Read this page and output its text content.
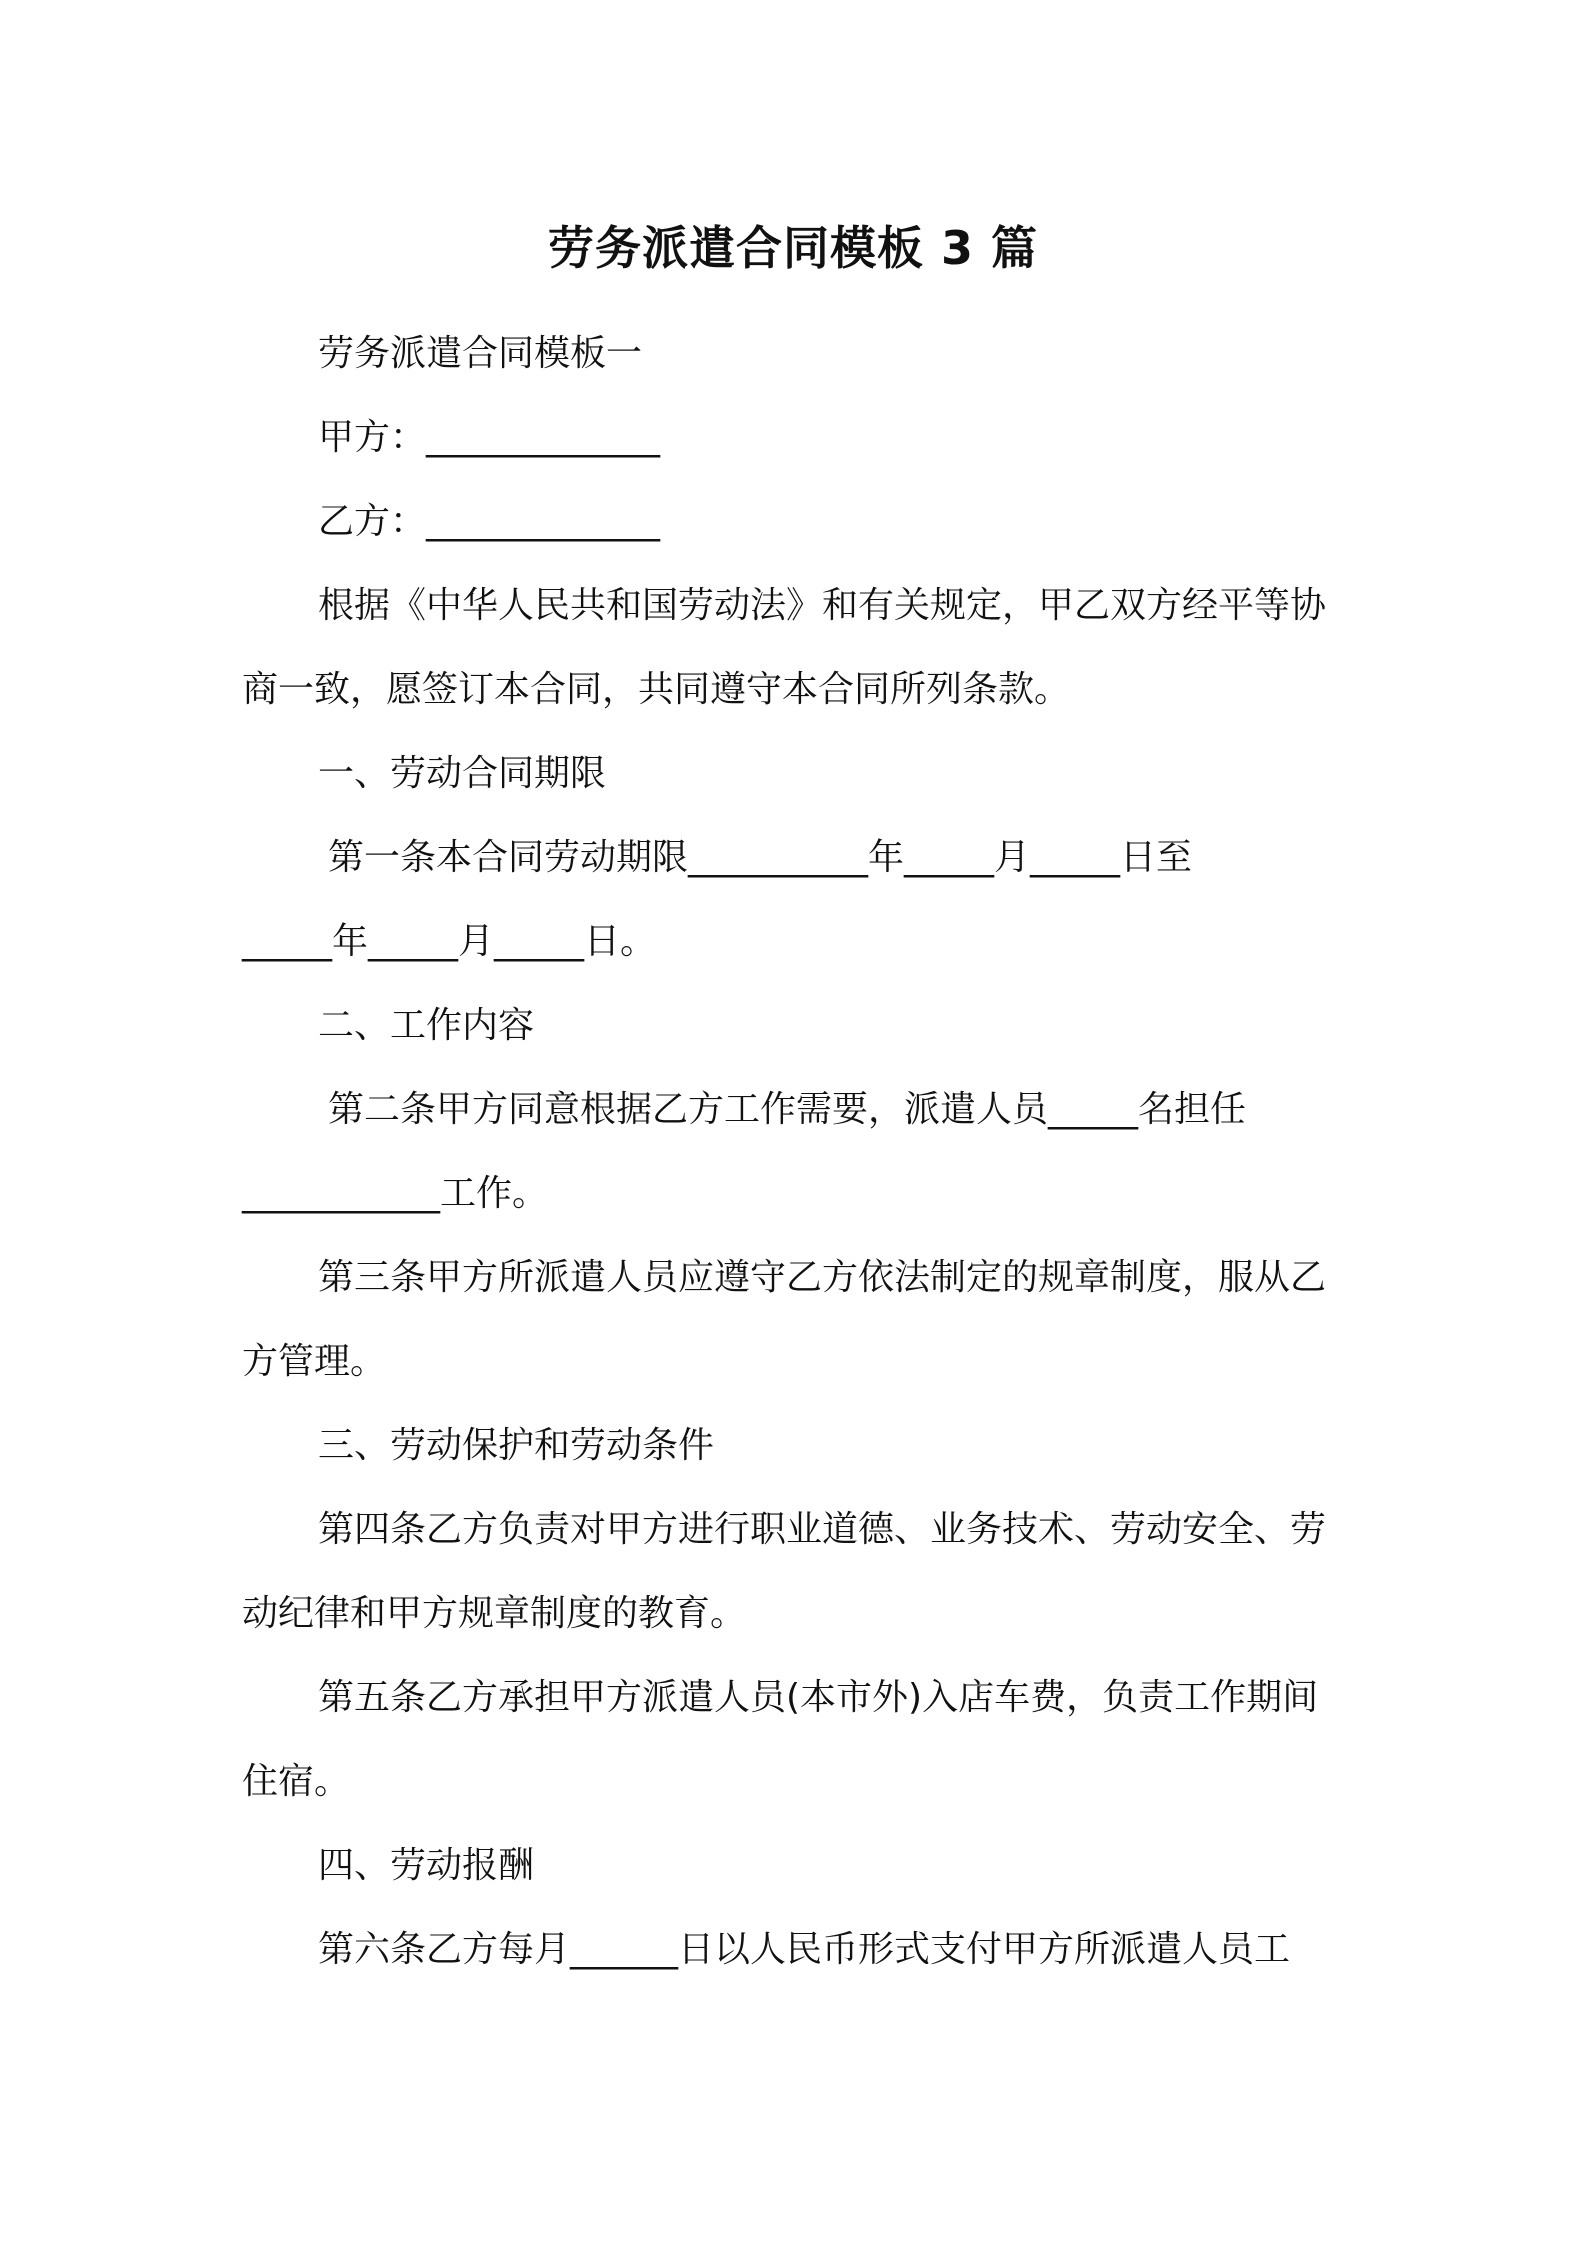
劳务派遣合同模板 3 篇
劳务派遣合同模板一
甲方：_____________
乙方：_____________
根据《中华人民共和国劳动法》和有关规定，甲乙双方经平等协
商一致，愿签订本合同，共同遵守本合同所列条款。
一、劳动合同期限
第一条本合同劳动期限__________年_____月_____日至
_____年_____月_____日。
二、工作内容
第二条甲方同意根据乙方工作需要，派遣人员_____名担任
___________工作。
第三条甲方所派遣人员应遵守乙方依法制定的规章制度，服从乙
方管理。
三、劳动保护和劳动条件
第四条乙方负责对甲方进行职业道德、业务技术、劳动安全、劳
动纪律和甲方规章制度的教育。
第五条乙方承担甲方派遣人员(本市外)入店车费，负责工作期间
住宿。
四、劳动报酬
第六条乙方每月______日以人民币形式支付甲方所派遣人员工
